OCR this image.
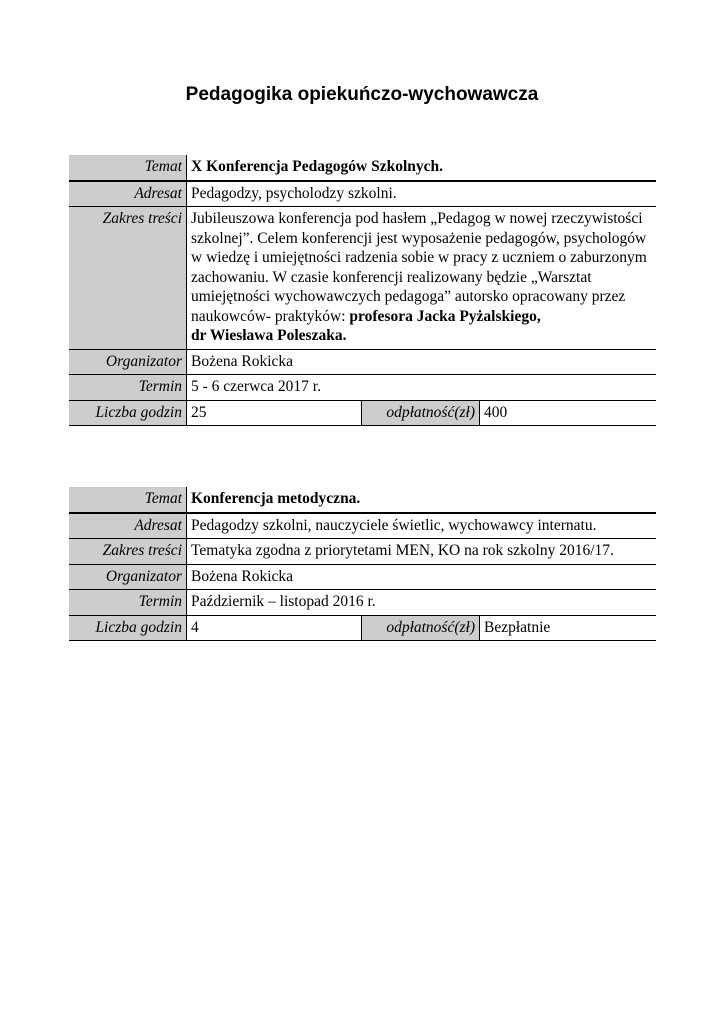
Pedagogika opiekuńczo-wychowawcza
Temat	X Konferencja Pedagogów Szkolnych.		
Adresat	Pedagodzy, psycholodzy szkolni.		
Zakres treści	Jubileuszowa konferencja pod hasłem „Pedagog w nowej rzeczywistości szkolnej”. Celem konferencji jest wyposażenie pedagogów, psychologów w wiedzę i umiejętności radzenia sobie w pracy z uczniem o zaburzonym zachowaniu. W czasie konferencji realizowany będzie „Warsztat umiejętności wychowawczych pedagoga” autorsko opracowany przez naukowców- praktyków: profesora Jacka Pyżalskiego,
dr Wiesława Poleszaka.		
Organizator	Bożena Rokicka		
Termin	5 - 6 czerwca 2017 r.		
Liczba godzin	25	odpłatność(zł)	400
Temat	Konferencja metodyczna.		
Adresat	Pedagodzy szkolni, nauczyciele świetlic, wychowawcy internatu.		
Zakres treści	Tematyka zgodna z priorytetami MEN, KO na rok szkolny 2016/17.		
Organizator	Bożena Rokicka		
Termin	Październik – listopad 2016 r.		
Liczba godzin	4	odpłatność(zł)	Bezpłatnie
